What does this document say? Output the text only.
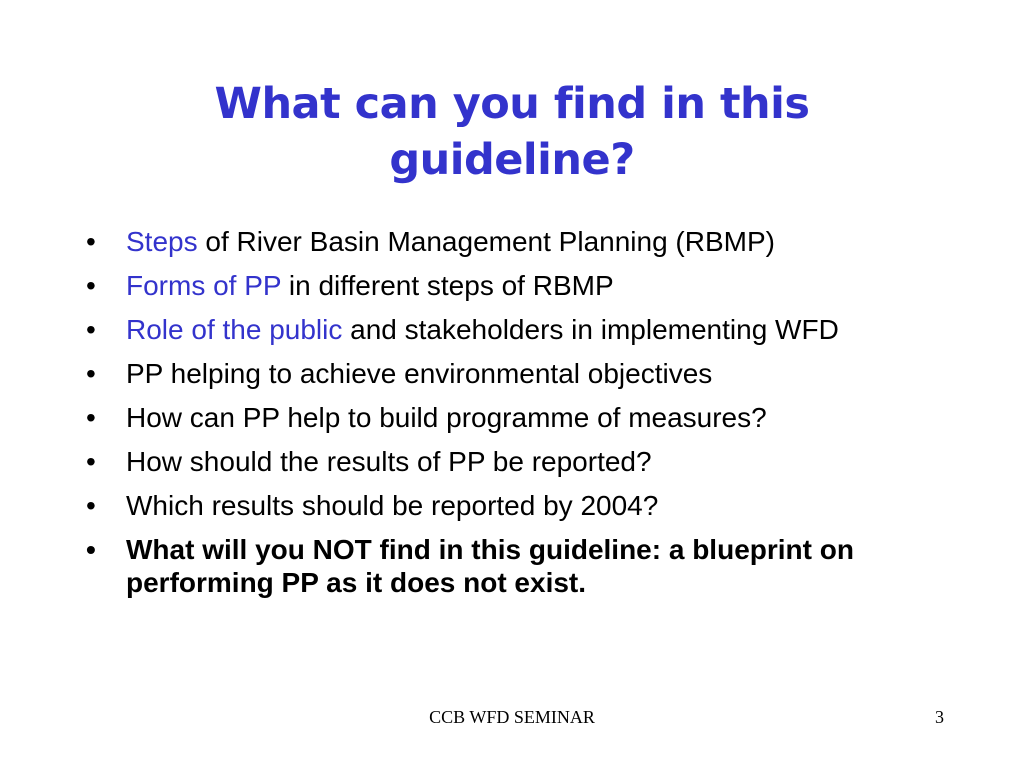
What can you find in this
guideline?
• Steps of River Basin Management Planning (RBMP)
• Forms of PP in different steps of RBMP
• Role of the public and stakeholders in implementing WFD
• PP helping to achieve environmental objectives
• How can PP help to build programme of measures?
• How should the results of PP be reported?
• Which results should be reported by 2004?
• What will you NOT find in this guideline: a blueprint on performing PP as it does not exist.
CCB WFD SEMINAR	3
